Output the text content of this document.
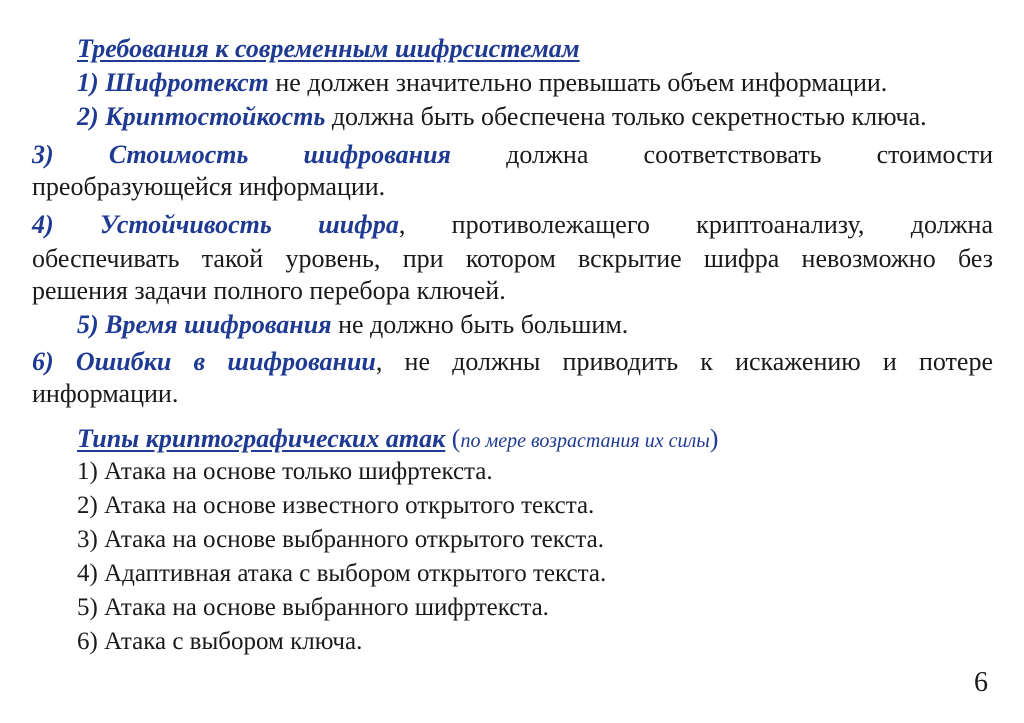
Требования к современным шифрсистемам
1) Шифротекст не должен значительно превышать объем информации.
2) Криптостойкость должна быть обеспечена только секретностью ключа.
3) Стоимость шифрования должна соответствовать стоимости
преобразующейся информации.
4) Устойчивость шифра, противолежащего криптоанализу, должна
обеспечивать такой уровень, при котором вскрытие шифра невозможно без
решения задачи полного перебора ключей.
5) Время шифрования не должно быть большим.
6) Ошибки в шифровании, не должны приводить к искажению и потере
информации.
Типы криптографических атак (по мере возрастания их силы)
1) Атака на основе только шифртекста.
2) Атака на основе известного открытого текста.
3) Атака на основе выбранного открытого текста.
4) Адаптивная атака с выбором открытого текста.
5) Атака на основе выбранного шифртекста.
6) Атака с выбором ключа.
6
